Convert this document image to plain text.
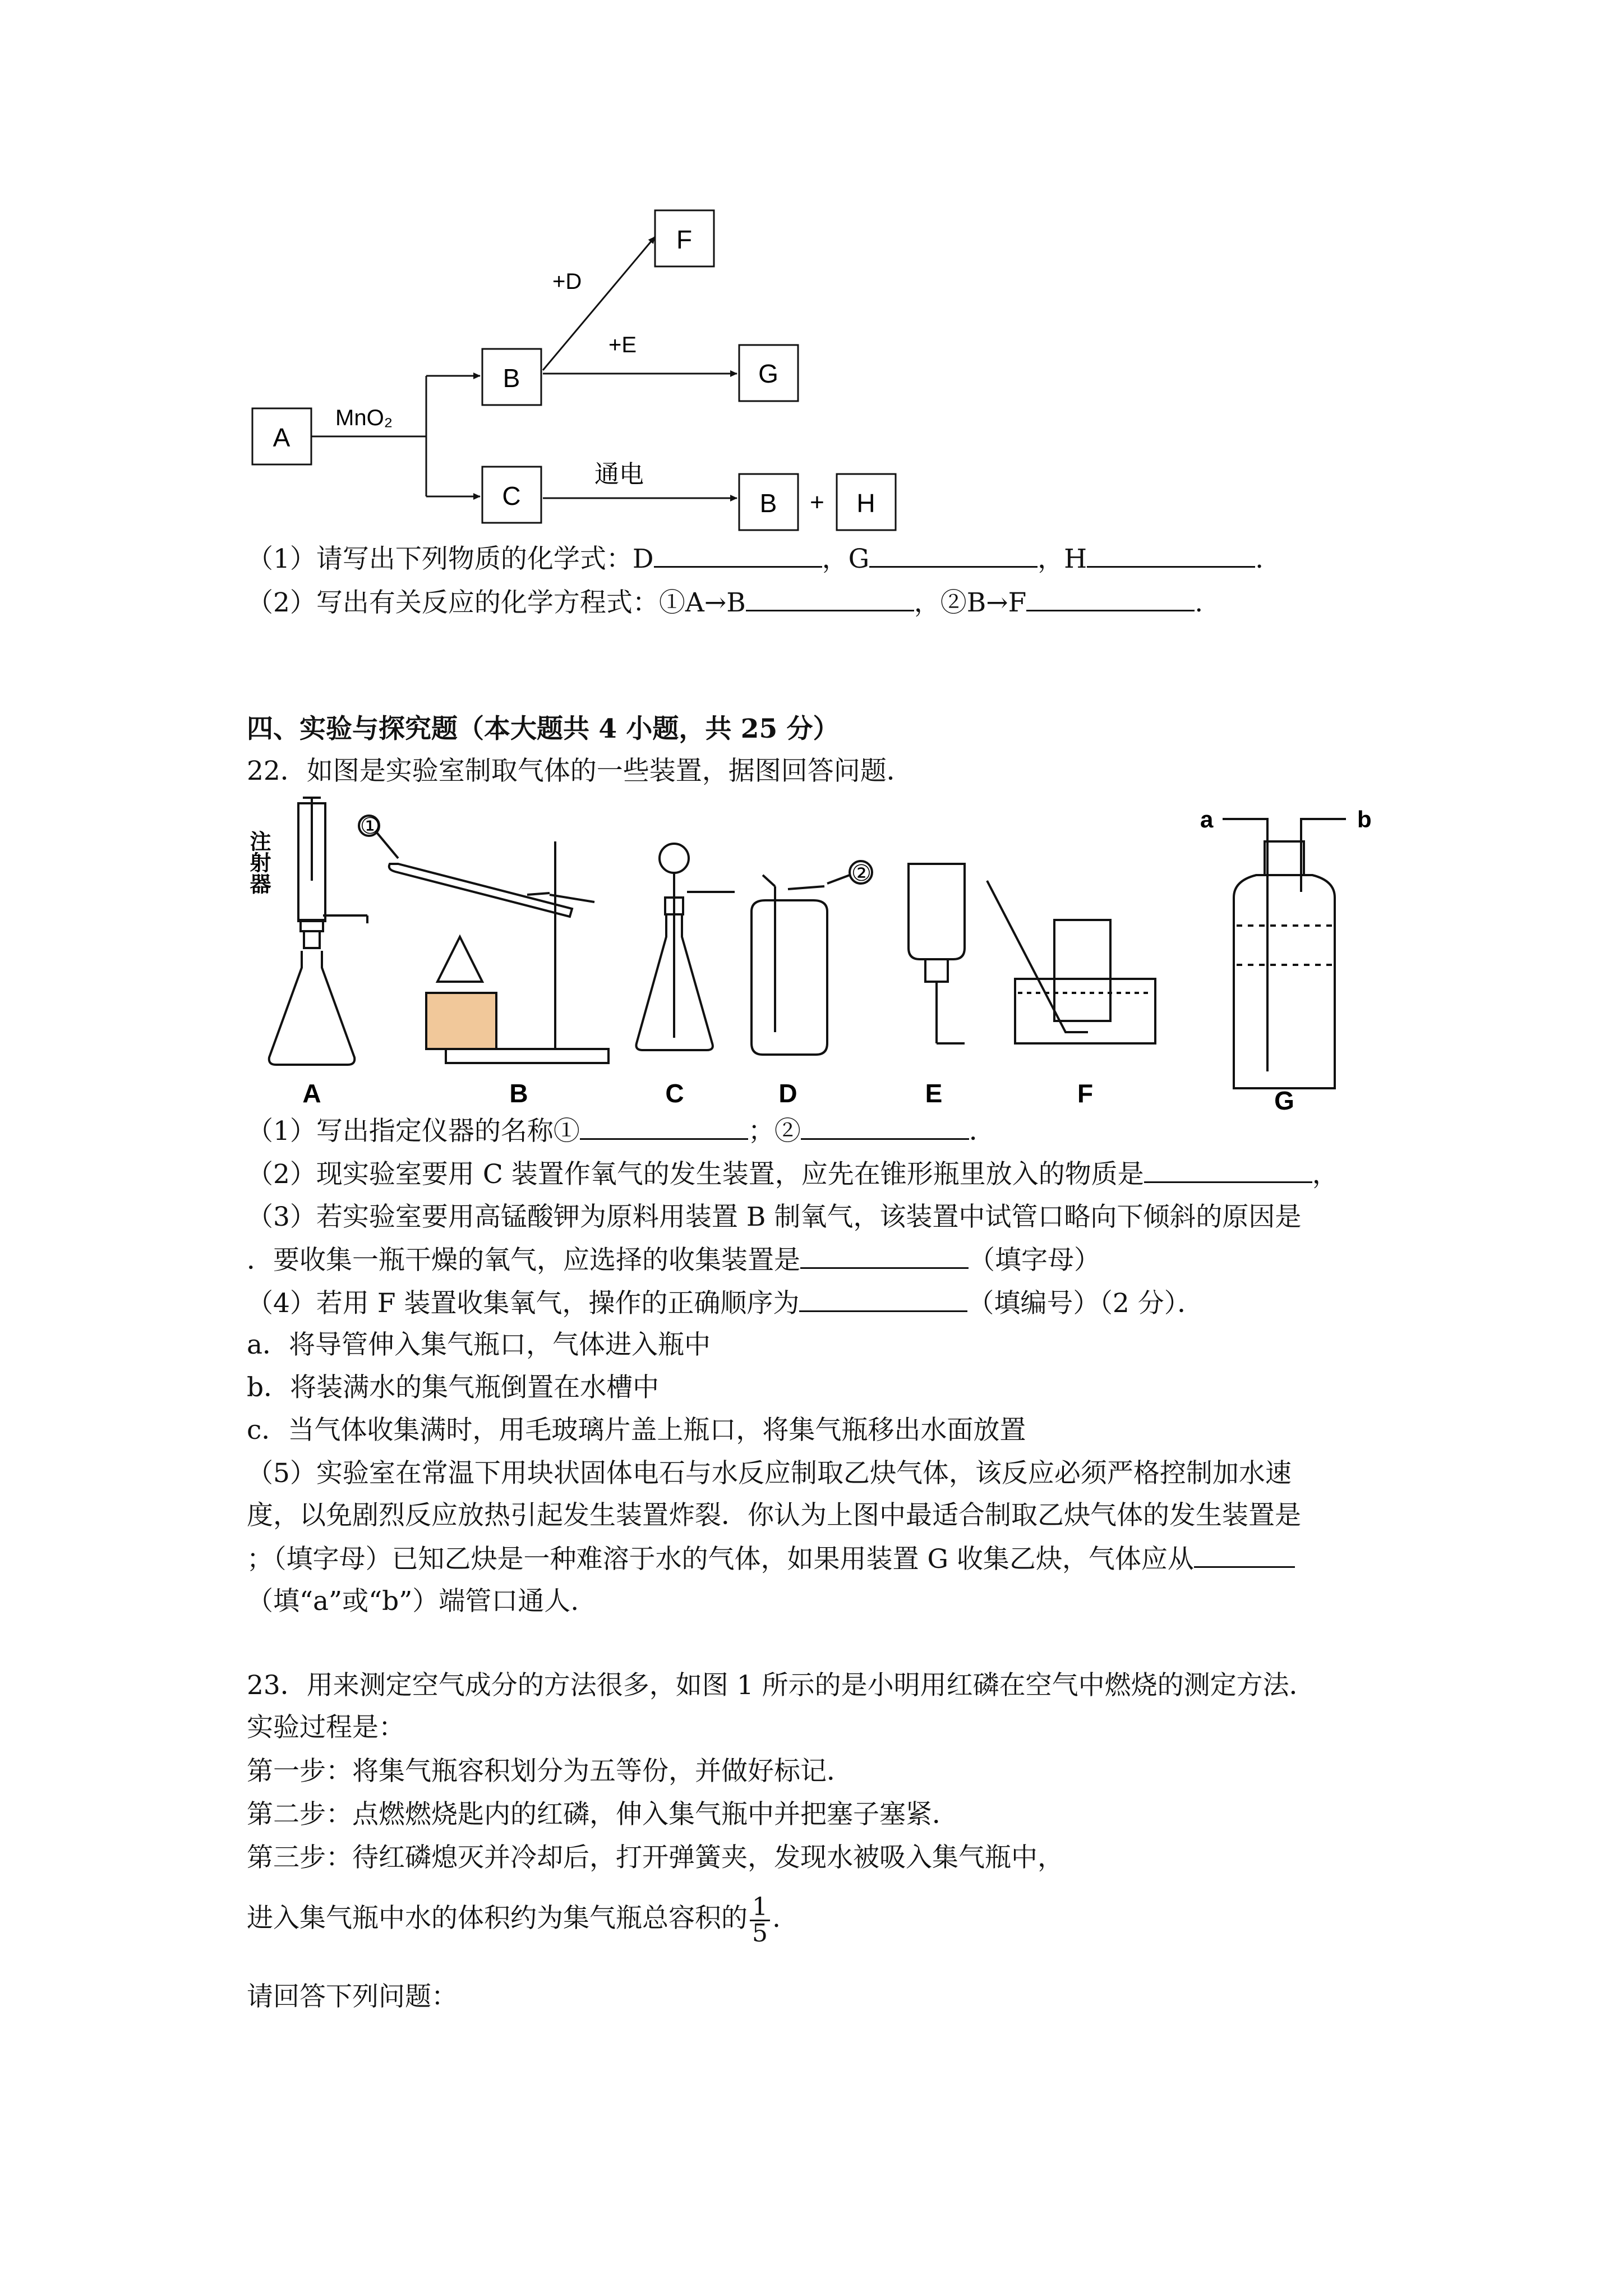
A
B
C
F
G
B	H
MnO₂
+D
+E
通电
+
（1）请写出下列物质的化学式：D	，G	，H	.
（2）写出有关反应的化学方程式：①A→B	，②B→F	.
四、实验与探究题（本大题共 4 小题，共 25 分）
22．如图是实验室制取气体的一些装置，据图回答问题．
注射器
①
②
a	b
A	B	C	D	E	F	G
（1）写出指定仪器的名称①	；②	．
（2）现实验室要用 C 装置作氧气的发生装置，应先在锥形瓶里放入的物质是	，
（3）若实验室要用高锰酸钾为原料用装置 B 制氧气，该装置中试管口略向下倾斜的原因是
．要收集一瓶干燥的氧气，应选择的收集装置是	（填字母）
（4）若用 F 装置收集氧气，操作的正确顺序为	（填编号）（2 分）．
a．将导管伸入集气瓶口，气体进入瓶中
b．将装满水的集气瓶倒置在水槽中
c．当气体收集满时，用毛玻璃片盖上瓶口，将集气瓶移出水面放置
（5）实验室在常温下用块状固体电石与水反应制取乙炔气体，该反应必须严格控制加水速
度，以免剧烈反应放热引起发生装置炸裂．你认为上图中最适合制取乙炔气体的发生装置是
；（填字母）已知乙炔是一种难溶于水的气体，如果用装置 G 收集乙炔，气体应从
（填“a”或“b”）端管口通人.
23．用来测定空气成分的方法很多，如图 1 所示的是小明用红磷在空气中燃烧的测定方法．
实验过程是：
第一步：将集气瓶容积划分为五等份，并做好标记．
第二步：点燃燃烧匙内的红磷，伸入集气瓶中并把塞子塞紧．
第三步：待红磷熄灭并冷却后，打开弹簧夹，发现水被吸入集气瓶中，
进入集气瓶中水的体积约为集气瓶总容积的 $\frac{1}{5}$ .
请回答下列问题：
